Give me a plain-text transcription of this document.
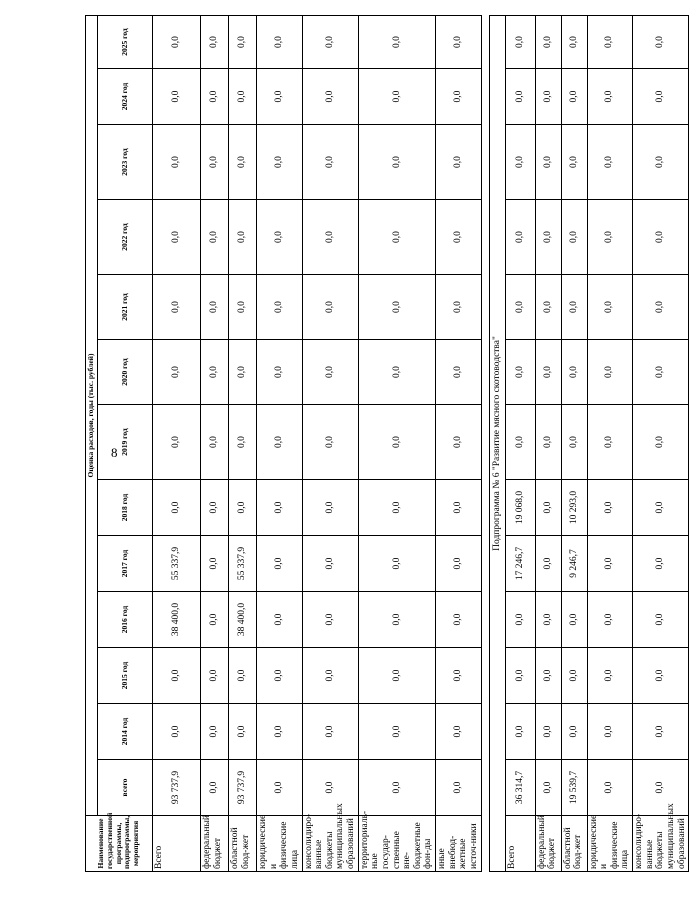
8
Наименование государственной программы, подпрограммы, мероприятия	Оценка расходов, годы (тыс. рублей)												
	всего	2014 год	2015 год	2016 год	2017 год	2018 год	2019 год	2020 год	2021 год	2022 год	2023 год	2024 год	2025 год
Всего	93 737,9	0,0	0,0	38 400,0	55 337,9	0,0	0,0	0,0	0,0	0,0	0,0	0,0	0,0
федеральный бюджет	0,0	0,0	0,0	0,0	0,0	0,0	0,0	0,0	0,0	0,0	0,0	0,0	0,0
областной бюд-жет	93 737,9	0,0	0,0	38 400,0	55 337,9	0,0	0,0	0,0	0,0	0,0	0,0	0,0	0,0
юридические и физические лица	0,0	0,0	0,0	0,0	0,0	0,0	0,0	0,0	0,0	0,0	0,0	0,0	0,0
консолидиро-ванные бюджеты муниципальных образований	0,0	0,0	0,0	0,0	0,0	0,0	0,0	0,0	0,0	0,0	0,0	0,0	0,0
территориаль-ные государ-ственные вне-бюджетные фон-ды	0,0	0,0	0,0	0,0	0,0	0,0	0,0	0,0	0,0	0,0	0,0	0,0	0,0
иные внебюд-жетные источ-ники	0,0	0,0	0,0	0,0	0,0	0,0	0,0	0,0	0,0	0,0	0,0	0,0	0,0

Подпрограмма № 6 "Развитие мясного скотоводства"													
Всего	36 314,7	0,0	0,0	0,0	17 246,7	19 068,0	0,0	0,0	0,0	0,0	0,0	0,0	0,0
федеральный бюджет	0,0	0,0	0,0	0,0	0,0	0,0	0,0	0,0	0,0	0,0	0,0	0,0	0,0
областной бюд-жет	19 539,7	0,0	0,0	0,0	9 246,7	10 293,0	0,0	0,0	0,0	0,0	0,0	0,0	0,0
юридические и физические лица	0,0	0,0	0,0	0,0	0,0	0,0	0,0	0,0	0,0	0,0	0,0	0,0	0,0
консолидиро-ванные бюджеты муниципальных образований	0,0	0,0	0,0	0,0	0,0	0,0	0,0	0,0	0,0	0,0	0,0	0,0	0,0
